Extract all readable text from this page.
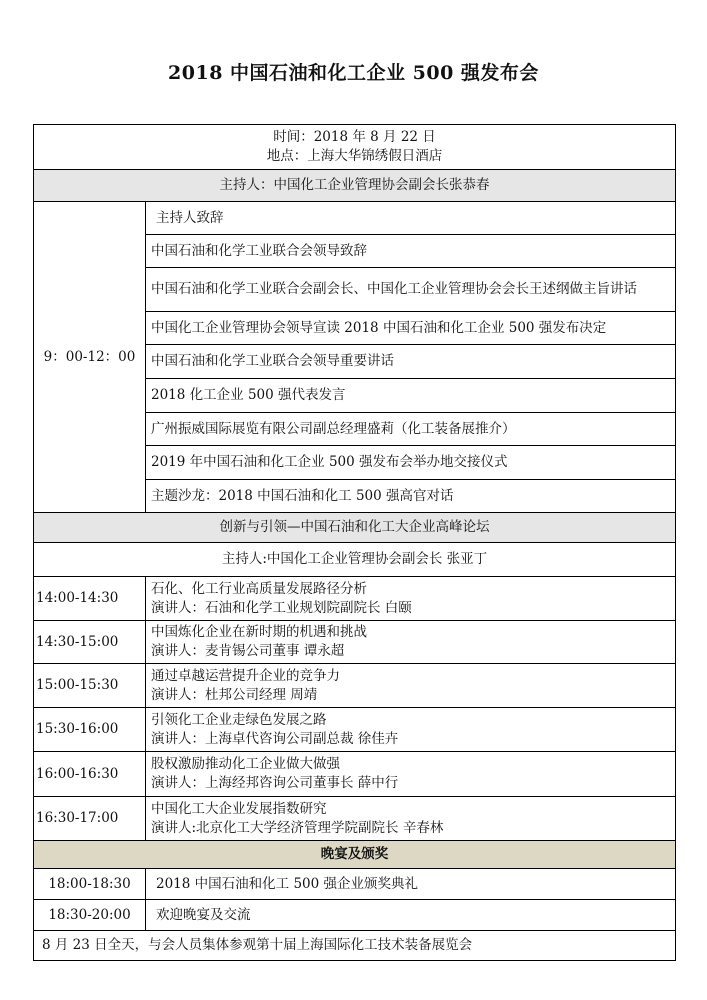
2018 中国石油和化工企业 500 强发布会
时间：2018 年 8 月 22 日
地点：上海大华锦绣假日酒店	

主持人：中国化工企业管理协会副会长张恭春	
9：00-12：00	主持人致辞
	中国石油和化学工业联合会领导致辞
	中国石油和化学工业联合会副会长、中国化工企业管理协会会长王述纲做主旨讲话
	中国化工企业管理协会领导宣读 2018 中国石油和化工企业 500 强发布决定
	中国石油和化学工业联合会领导重要讲话
	2018 化工企业 500 强代表发言
	广州振威国际展览有限公司副总经理盛莉（化工装备展推介）
	2019 年中国石油和化工企业 500 强发布会举办地交接仪式
	主题沙龙：2018 中国石油和化工 500 强高官对话
创新与引领—中国石油和化工大企业高峰论坛	
主持人:中国化工企业管理协会副会长 张亚丁	
14:00-14:30	石化、化工行业高质量发展路径分析
演讲人：石油和化学工业规划院副院长 白颐

14:30-15:00	中国炼化企业在新时期的机遇和挑战
演讲人：麦肯锡公司董事 谭永超

15:00-15:30	通过卓越运营提升企业的竞争力
演讲人：杜邦公司经理 周靖

15:30-16:00	引领化工企业走绿色发展之路
演讲人：上海卓代咨询公司副总裁 徐佳卉

16:00-16:30	股权激励推动化工企业做大做强
演讲人：上海经邦咨询公司董事长 薛中行

16:30-17:00	中国化工大企业发展指数研究
演讲人:北京化工大学经济管理学院副院长 辛春林

晚宴及颁奖	
18:00-18:30	2018 中国石油和化工 500 强企业颁奖典礼
18:30-20:00	欢迎晚宴及交流
8 月 23 日全天，与会人员集体参观第十届上海国际化工技术装备展览会	
